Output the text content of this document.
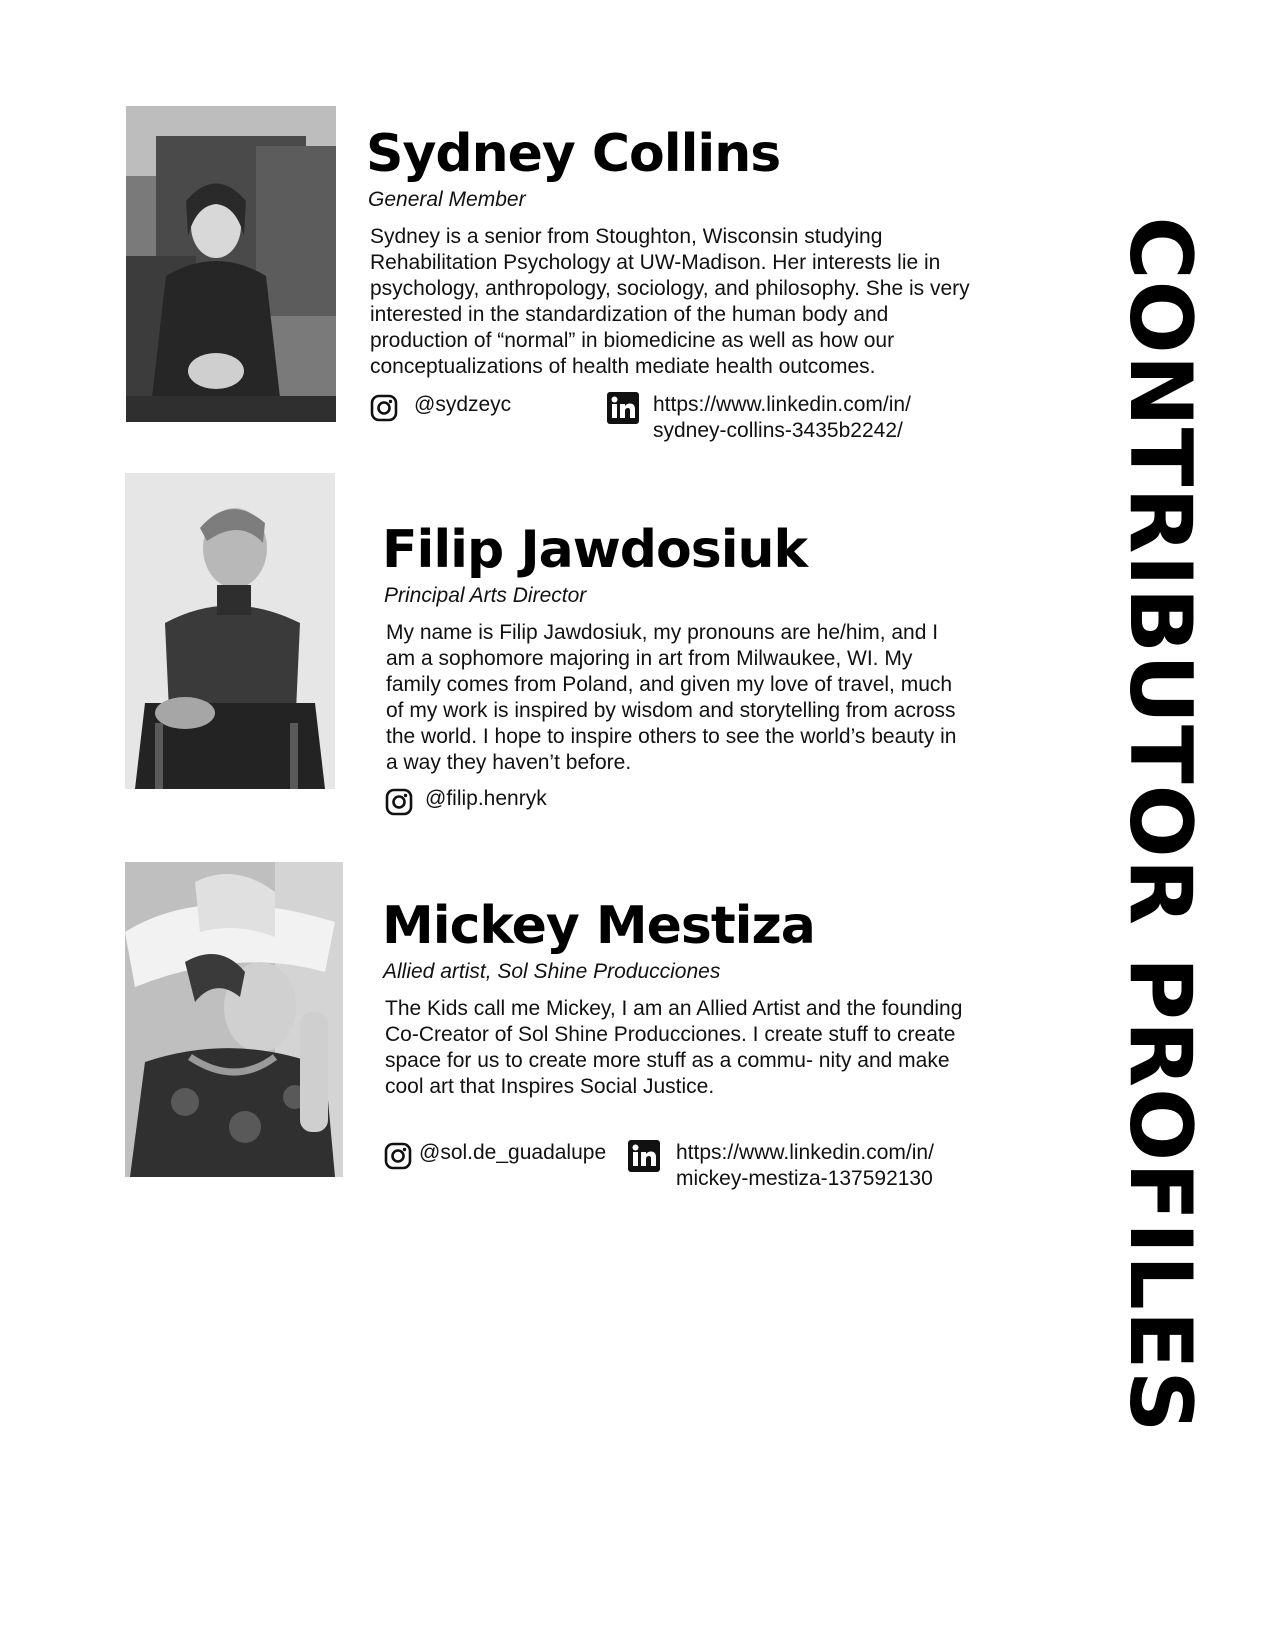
CONTRIBUTOR PROFILES
Sydney Collins
General Member

Sydney is a senior from Stoughton, Wisconsin studying Rehabilitation Psychology at UW-Madison. Her interests lie in psychology, anthropology, sociology, and philosophy. She is very interested in the standardization of the human body and production of “normal” in biomedicine as well as how our conceptualizations of health mediate health outcomes.

@sydzeyc	https://www.linkedin.com/in/
sydney-collins-3435b2242/
Filip Jawdosiuk
Principal Arts Director

My name is Filip Jawdosiuk, my pronouns are he/him, and I am a sophomore majoring in art from Milwaukee, WI. My family comes from Poland, and given my love of travel, much of my work is inspired by wisdom and storytelling from across the world. I hope to inspire others to see the world’s beauty in a way they haven’t before.

@filip.henryk
Mickey Mestiza
Allied artist, Sol Shine Producciones

The Kids call me Mickey, I am an Allied Artist and the founding Co-Creator of Sol Shine Producciones. I create stuff to create space for us to create more stuff as a commu- nity and make cool art that Inspires Social Justice.

@sol.de_guadalupe	https://www.linkedin.com/in/
mickey-mestiza-137592130
